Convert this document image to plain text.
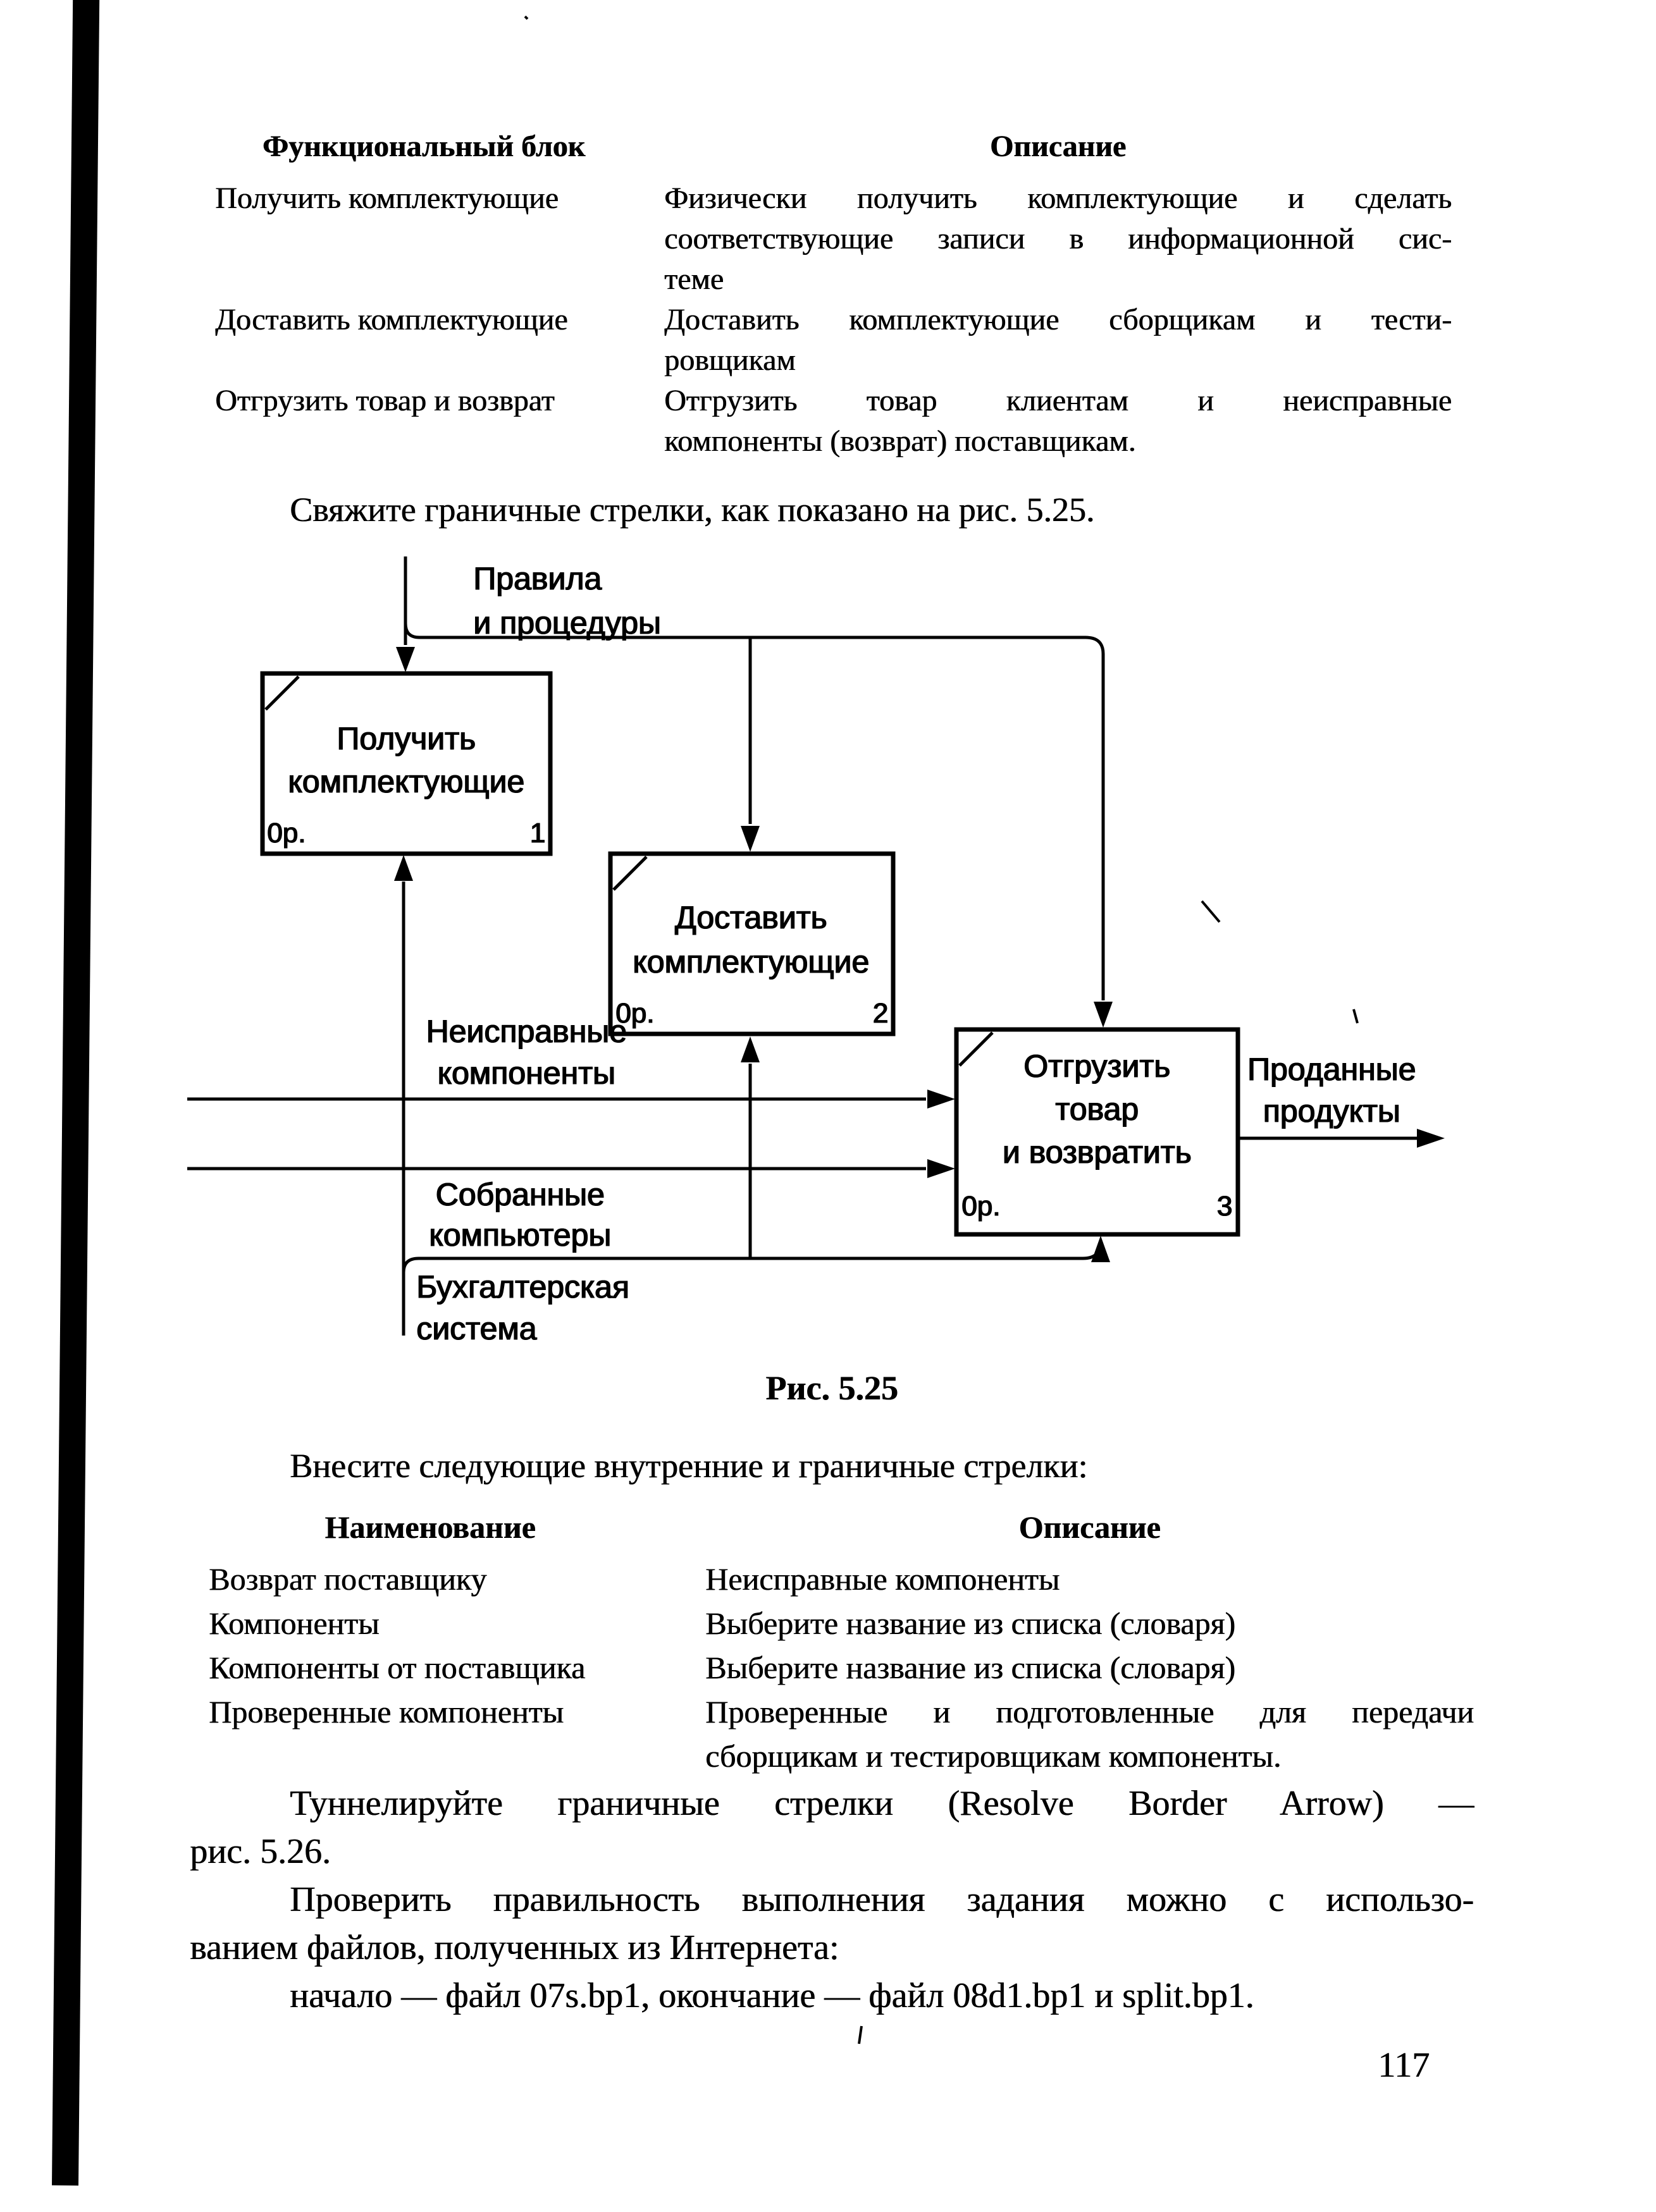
Функциональный блок	Описание
Получить комплектующие	Физически получить комплектующие и сделать
соответствующие записи в информационной сис-
теме
Доставить комплектующие	Доставить комплектующие сборщикам и тести-
ровщикам
Отгрузить товар и возврат	Отгрузить товар клиентам и неисправные
компоненты (возврат) поставщикам.
Свяжите граничные стрелки, как показано на рис. 5.25.
Получить
комплектующие
0р.	1
Доставить
комплектующие
0р.	2
Отгрузить
товар
и возвратить
0р.	3
Правила
и процедуры
Неисправные
компоненты
Собранные
компьютеры
Бухгалтерская
система
Проданные
продукты
Рис. 5.25
Внесите следующие внутренние и граничные стрелки:
Наименование	Описание
Возврат поставщику	Неисправные компоненты
Компоненты	Выберите название из списка (словаря)
Компоненты от поставщика	Выберите название из списка (словаря)
Проверенные компоненты	Проверенные и подготовленные для передачи
сборщикам и тестировщикам компоненты.
Туннелируйте граничные стрелки (Resolve Border Arrow) —
рис. 5.26.
Проверить правильность выполнения задания можно с использо-
ванием файлов, полученных из Интернета:
начало — файл 07s.bp1, окончание — файл 08d1.bp1 и split.bp1.
117
